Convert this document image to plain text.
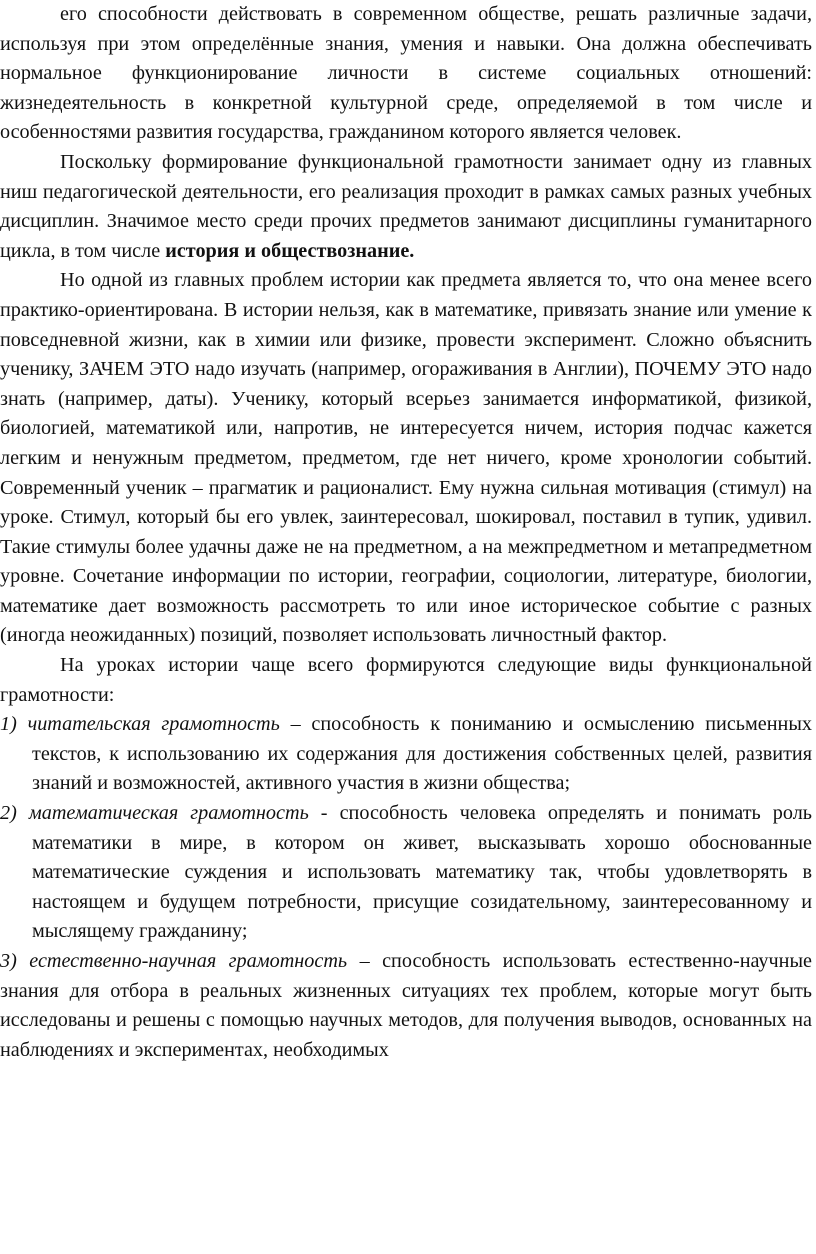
его способности действовать в современном обществе, решать различные задачи, используя при этом определённые знания, умения и навыки. Она должна обеспечивать нормальное функционирование личности в системе социальных отношений: жизнедеятельность в конкретной культурной среде, определяемой в том числе и особенностями развития государства, гражданином которого является человек.

Поскольку формирование функциональной грамотности занимает одну из главных ниш педагогической деятельности, его реализация проходит в рамках самых разных учебных дисциплин. Значимое место среди прочих предметов занимают дисциплины гуманитарного цикла, в том числе история и обществознание.

Но одной из главных проблем истории как предмета является то, что она менее всего практико-ориентирована. В истории нельзя, как в математике, привязать знание или умение к повседневной жизни, как в химии или физике, провести эксперимент. Сложно объяснить ученику, ЗАЧЕМ ЭТО надо изучать (например, огораживания в Англии), ПОЧЕМУ ЭТО надо знать (например, даты). Ученику, который всерьез занимается информатикой, физикой, биологией, математикой или, напротив, не интересуется ничем, история подчас кажется легким и ненужным предметом, предметом, где нет ничего, кроме хронологии событий. Современный ученик – прагматик и рационалист. Ему нужна сильная мотивация (стимул) на уроке. Стимул, который бы его увлек, заинтересовал, шокировал, поставил в тупик, удивил. Такие стимулы более удачны даже не на предметном, а на межпредметном и метапредметном уровне. Сочетание информации по истории, географии, социологии, литературе, биологии, математике дает возможность рассмотреть то или иное историческое событие с разных (иногда неожиданных) позиций, позволяет использовать личностный фактор.

На уроках истории чаще всего формируются следующие виды функциональной грамотности:

1) читательская грамотность – способность к пониманию и осмыслению письменных текстов, к использованию их содержания для достижения собственных целей, развития знаний и возможностей, активного участия в жизни общества;

2) математическая грамотность - способность человека определять и понимать роль математики в мире, в котором он живет, высказывать хорошо обоснованные математические суждения и использовать математику так, чтобы удовлетворять в настоящем и будущем потребности, присущие созидательному, заинтересованному и мыслящему гражданину;

3) естественно-научная грамотность – способность использовать естественно-научные знания для отбора в реальных жизненных ситуациях тех проблем, которые могут быть исследованы и решены с помощью научных методов, для получения выводов, основанных на наблюдениях и экспериментах, необходимых
